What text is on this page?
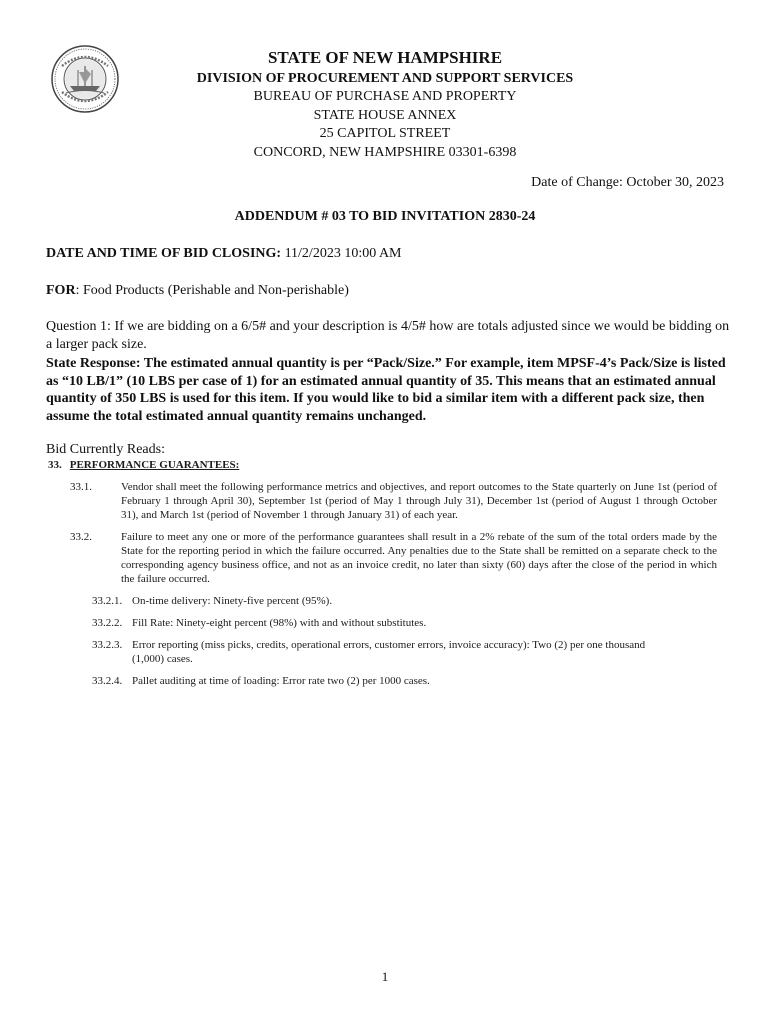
STATE OF NEW HAMPSHIRE
DIVISION OF PROCUREMENT AND SUPPORT SERVICES
BUREAU OF PURCHASE AND PROPERTY
STATE HOUSE ANNEX
25 CAPITOL STREET
CONCORD, NEW HAMPSHIRE 03301-6398
Date of Change: October 30, 2023
ADDENDUM # 03 TO BID INVITATION 2830-24
DATE AND TIME OF BID CLOSING: 11/2/2023 10:00 AM
FOR: Food Products (Perishable and Non-perishable)
Question 1: If we are bidding on a 6/5# and your description is 4/5# how are totals adjusted since we would be bidding on a larger pack size.
State Response: The estimated annual quantity is per “Pack/Size.” For example, item MPSF-4’s Pack/Size is listed as “10 LB/1” (10 LBS per case of 1) for an estimated annual quantity of 35. This means that an estimated annual quantity of 350 LBS is used for this item. If you would like to bid a similar item with a different pack size, then assume the total estimated annual quantity remains unchanged.
Bid Currently Reads:
33. PERFORMANCE GUARANTEES:
33.1.	Vendor shall meet the following performance metrics and objectives, and report outcomes to the State quarterly on June 1st (period of February 1 through April 30), September 1st (period of May 1 through July 31), December 1st (period of August 1 through October 31), and March 1st (period of November 1 through January 31) of each year.
33.2.	Failure to meet any one or more of the performance guarantees shall result in a 2% rebate of the sum of the total orders made by the State for the reporting period in which the failure occurred. Any penalties due to the State shall be remitted on a separate check to the corresponding agency business office, and not as an invoice credit, no later than sixty (60) days after the close of the period in which the failure occurred.
33.2.1. On-time delivery: Ninety-five percent (95%).
33.2.2. Fill Rate: Ninety-eight percent (98%) with and without substitutes.
33.2.3. Error reporting (miss picks, credits, operational errors, customer errors, invoice accuracy): Two (2) per one thousand (1,000) cases.
33.2.4. Pallet auditing at time of loading: Error rate two (2) per 1000 cases.
1
